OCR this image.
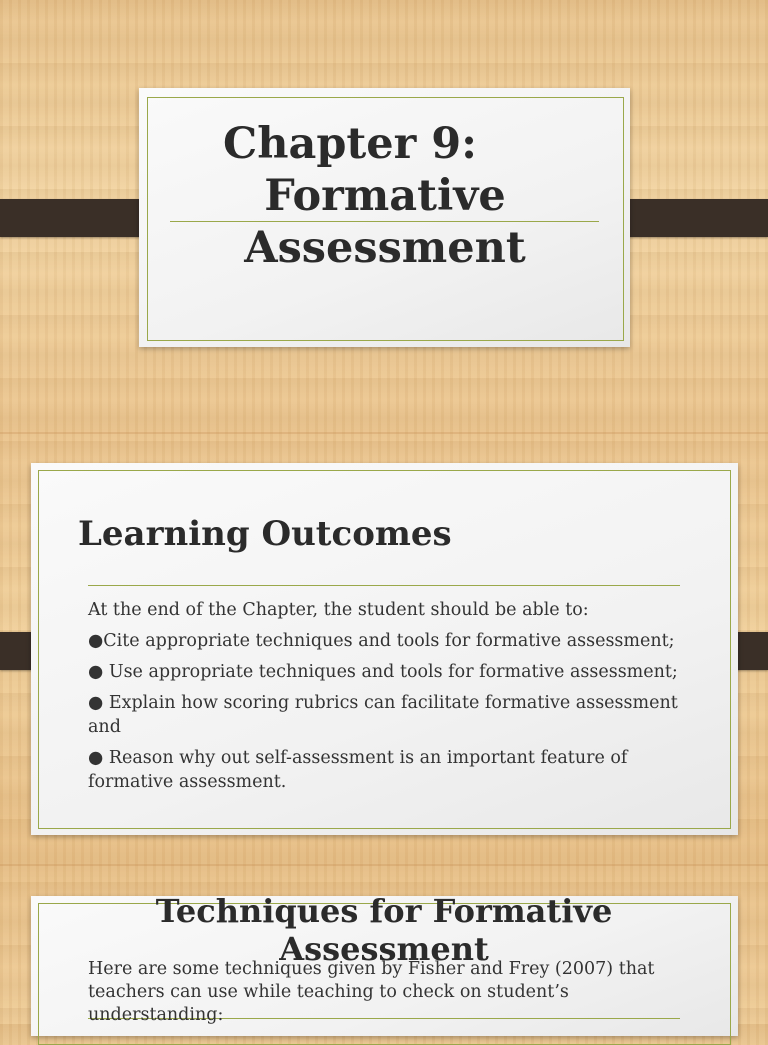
Chapter 9:
Formative
Assessment
Learning Outcomes

At the end of the Chapter, the student should be able to:

●Cite appropriate techniques and tools for formative assessment;

● Use appropriate techniques and tools for formative assessment;

● Explain how scoring rubrics can facilitate formative assessment and

● Reason why out self-assessment is an important feature of formative assessment.

Techniques for Formative
Assessment
Here are some techniques given by Fisher and Frey (2007) that teachers can use while teaching to check on student’s understanding:
